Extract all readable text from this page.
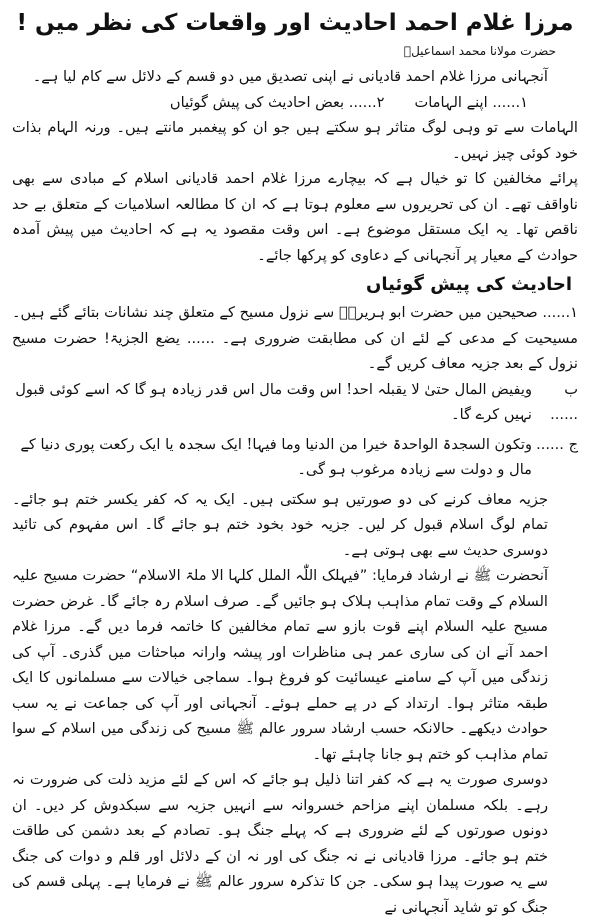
مرزا غلام احمد احادیث اور واقعات کی نظر میں !
حضرت مولانا محمد اسماعیلؒ

آنجہانی مرزا غلام احمد قادیانی نے اپنی تصدیق میں دو قسم کے دلائل سے کام لیا ہے۔

۱...... اپنے الہامات
۲...... بعض احادیث کی پیش گوئیاں

الہامات سے تو وہی لوگ متاثر ہو سکتے ہیں جو ان کو پیغمبر مانتے ہیں۔ ورنہ الہام بذات خود کوئی چیز نہیں۔

پرائے مخالفین کا تو خیال ہے کہ بیچارے مرزا غلام احمد قادیانی اسلام کے مبادی سے بھی ناواقف تھے۔ ان کی تحریروں سے معلوم ہوتا ہے کہ ان کا مطالعہ اسلامیات کے متعلق بے حد ناقص تھا۔ یہ ایک مستقل موضوع ہے۔ اس وقت مقصود یہ ہے کہ احادیث میں پیش آمدہ حوادث کے معیار پر آنجہانی کے دعاوی کو پرکھا جائے۔

احادیث کی پیش گوئیاں

۱...... صحیحین میں حضرت ابو ہریرہؓ سے نزول مسیح کے متعلق چند نشانات بتائے گئے ہیں۔ مسیحیت کے مدعی کے لئے ان کی مطابقت ضروری ہے۔ ...... یضع الجزیۃ! حضرت مسیح نزول کے بعد جزیہ معاف کریں گے۔

ب ......
ویفیض المال حتیٰ لا یقبلہ احد! اس وقت مال اس قدر زیادہ ہو گا کہ اسے کوئی قبول نہیں کرے گا۔
ج ......
وتکون السجدۃ الواحدۃ خیرا من الدنیا وما فیہا! ایک سجدہ یا ایک رکعت پوری دنیا کے مال و دولت سے زیادہ مرغوب ہو گی۔

جزیہ معاف کرنے کی دو صورتیں ہو سکتی ہیں۔ ایک یہ کہ کفر یکسر ختم ہو جائے۔ تمام لوگ اسلام قبول کر لیں۔ جزیہ خود بخود ختم ہو جائے گا۔ اس مفہوم کی تائید دوسری حدیث سے بھی ہوتی ہے۔

آنحضرت ﷺ نے ارشاد فرمایا: ”فیہلک اللّٰہ الملل کلہا الا ملۃ الاسلام“ حضرت مسیح علیہ السلام کے وقت تمام مذاہب ہلاک ہو جائیں گے۔ صرف اسلام رہ جائے گا۔ غرض حضرت مسیح علیہ السلام اپنے قوت بازو سے تمام مخالفین کا خاتمہ فرما دیں گے۔ مرزا غلام احمد آنے ان کی ساری عمر ہی مناظرات اور پیشہ وارانہ مباحثات میں گذری۔ آپ کی زندگی میں آپ کے سامنے عیسائیت کو فروغ ہوا۔ سماجی خیالات سے مسلمانوں کا ایک طبقہ متاثر ہوا۔ ارتداد کے در پے حملے ہوئے۔ آنجہانی اور آپ کی جماعت نے یہ سب حوادث دیکھے۔ حالانکہ حسب ارشاد سرور عالم ﷺ مسیح کی زندگی میں اسلام کے سوا تمام مذاہب کو ختم ہو جانا چاہئے تھا۔

دوسری صورت یہ ہے کہ کفر اتنا ذلیل ہو جائے کہ اس کے لئے مزید ذلت کی ضرورت نہ رہے۔ بلکہ مسلمان اپنے مزاحم خسروانہ سے انہیں جزیہ سے سبکدوش کر دیں۔ ان دونوں صورتوں کے لئے ضروری ہے کہ پہلے جنگ ہو۔ تصادم کے بعد دشمن کی طاقت ختم ہو جائے۔ مرزا قادیانی نے نہ جنگ کی اور نہ ان کے دلائل اور قلم و دوات کی جنگ سے یہ صورت پیدا ہو سکی۔ جن کا تذکرہ سرور عالم ﷺ نے فرمایا ہے۔ پہلی قسم کی جنگ کو تو شاید آنجہانی نے
